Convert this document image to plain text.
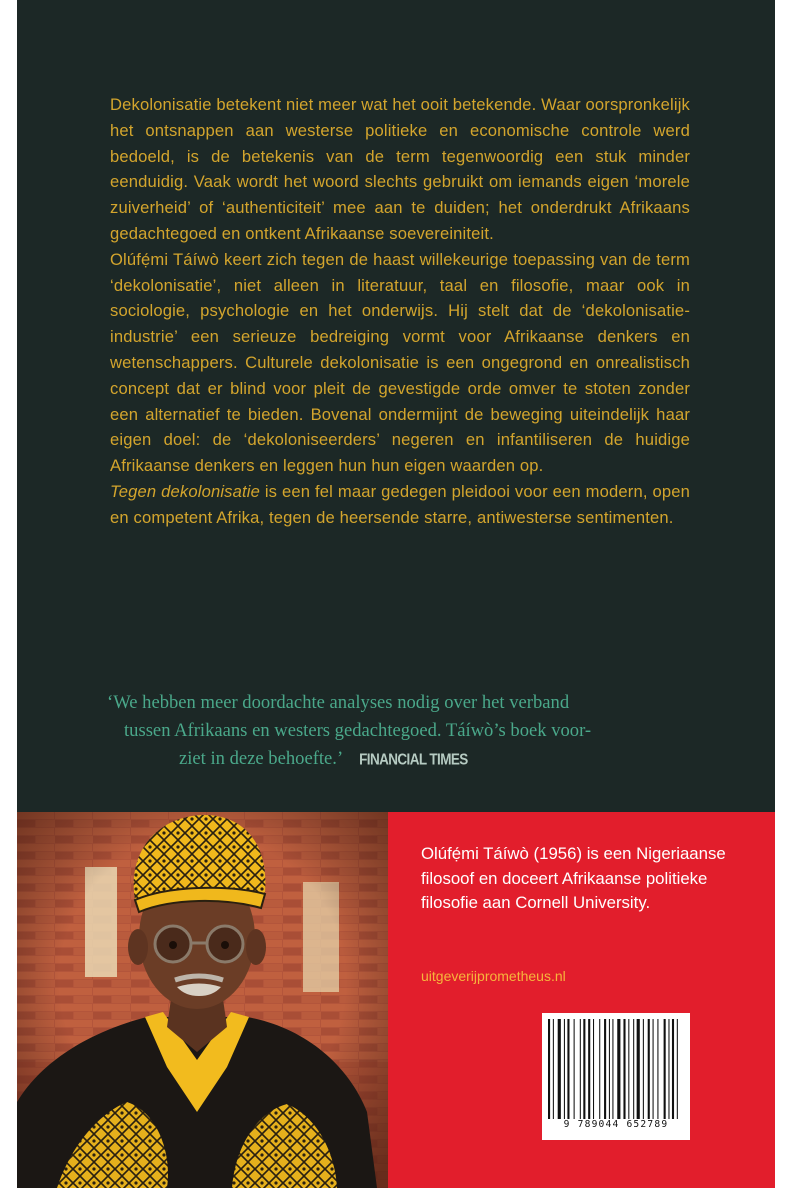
Dekolonisatie betekent niet meer wat het ooit betekende. Waar oorspronkelijk het ontsnappen aan westerse politieke en economische controle werd bedoeld, is de betekenis van de term tegenwoordig een stuk minder eenduidig. Vaak wordt het woord slechts gebruikt om iemands eigen ‘morele zuiverheid’ of ‘authenticiteit’ mee aan te duiden; het onderdrukt Afrikaans gedachtegoed en ontkent Afrikaanse soevereiniteit.

Olúfẹ́mi Táíwò keert zich tegen de haast willekeurige toepassing van de term ‘dekolonisatie’, niet alleen in literatuur, taal en filosofie, maar ook in sociologie, psychologie en het onderwijs. Hij stelt dat de ‘dekolonisatie-industrie’ een serieuze bedreiging vormt voor Afrikaanse denkers en wetenschappers. Culturele dekolonisatie is een ongegrond en onrealistisch concept dat er blind voor pleit de gevestigde orde omver te stoten zonder een alternatief te bieden. Bovenal ondermijnt de beweging uiteindelijk haar eigen doel: de ‘dekoloniseerders’ negeren en infantiliseren de huidige Afrikaanse denkers en leggen hun hun eigen waarden op.

Tegen dekolonisatie is een fel maar gedegen pleidooi voor een modern, open en competent Afrika, tegen de heersende starre, antiwesterse sentimenten.

‘We hebben meer doordachte analyses nodig over het verband
tussen Afrikaans en westers gedachtegoed. Táíwò’s boek voor-
ziet in deze behoefte.’ FINANCIAL TIMES
Olúfẹ́mi Táíwò (1956) is een Nigeriaanse filosoof en doceert Afrikaanse politieke filosofie aan Cornell University.
uitgeverijprometheus.nl
9 789044 652789
